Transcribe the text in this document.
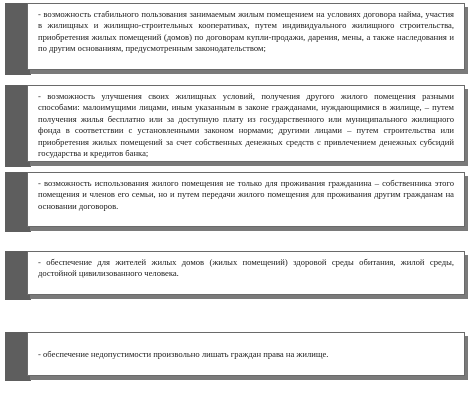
- возможность стабильного пользования занимаемым жилым помещением на условиях договора найма, участия в жилищных и жилищно-строительных кооперативах, путем индивидуального жилищного строительства, приобретения жилых помещений (домов) по договорам купли-продажи, дарения, мены, а также наследования и по другим основаниям, предусмотренным законодательством;

- возможность улучшения своих жилищных условий, получения другого жилого помещения разными способами: малоимущими лицами, иным указанным в законе гражданами, нуждающимися в жилище, – путем получения жилья бесплатно или за доступную плату из государственного или муниципального жилищного фонда в соответствии с установленными законом нормами; другими лицами – путем строительства или приобретения жилых помещений за счет собственных денежных средств с привлечением денежных субсидий государства и кредитов банка;

- возможность использования жилого помещения не только для проживания гражданина – собственника этого помещения и членов его семьи, но и путем передачи жилого помещения для проживания другим гражданам на основании договоров.

- обеспечение для жителей жилых домов (жилых помещений) здоровой среды обитания, жилой среды, достойной цивилизованного человека.

- обеспечение недопустимости произвольно лишать граждан права на жилище.
